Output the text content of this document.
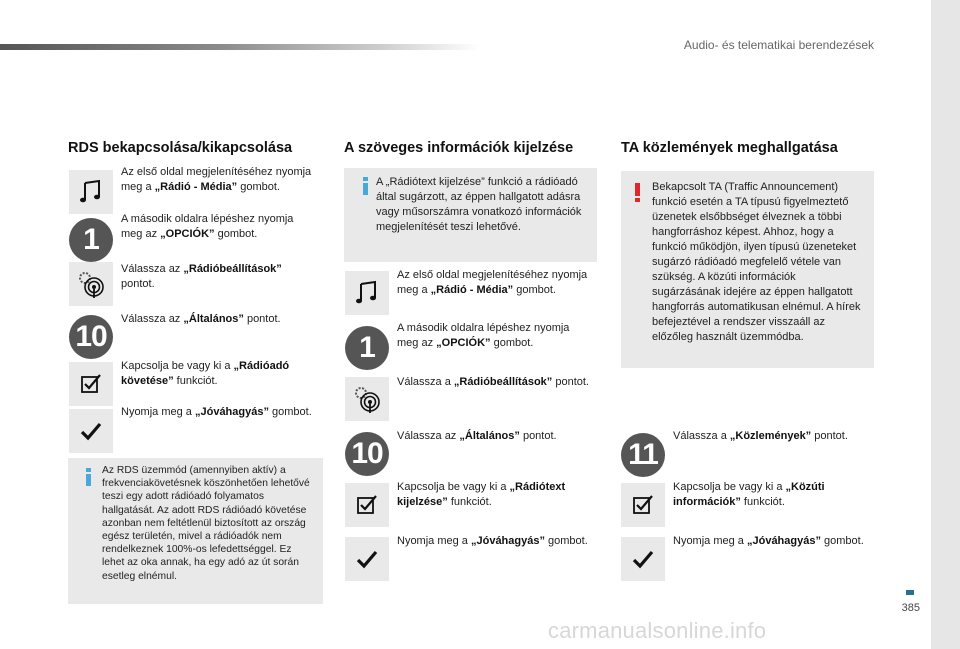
Audio- és telematikai berendezések
385
carmanualsonline.info
RDS bekapcsolása/kikapcsolása
Az első oldal megjelenítéséhez nyomja meg a „Rádió - Média” gombot.
1
A második oldalra lépéshez nyomja meg az „OPCIÓK” gombot.
Válassza az „Rádióbeállítások” pontot.
10
Válassza az „Általános” pontot.
Kapcsolja be vagy ki a „Rádióadó követése” funkciót.
Nyomja meg a „Jóváhagyás” gombot.
Az RDS üzemmód (amennyiben aktív) a frekvenciakövetésnek köszönhetően lehetővé teszi egy adott rádióadó folyamatos hallgatását. Az adott RDS rádióadó követése azonban nem feltétlenül biztosított az ország egész területén, mivel a rádióadók nem rendelkeznek 100%-os lefedettséggel. Ez lehet az oka annak, ha egy adó az út során esetleg elnémul.
A szöveges információk kijelzése
A „Rádiótext kijelzése” funkció a rádióadó által sugárzott, az éppen hallgatott adásra vagy műsorszámra vonatkozó információk megjelenítését teszi lehetővé.
Az első oldal megjelenítéséhez nyomja meg a „Rádió - Média” gombot.
1
A második oldalra lépéshez nyomja meg az „OPCIÓK” gombot.
Válassza a „Rádióbeállítások” pontot.
10
Válassza az „Általános” pontot.
Kapcsolja be vagy ki a „Rádiótext kijelzése” funkciót.
Nyomja meg a „Jóváhagyás” gombot.
TA közlemények meghallgatása
Bekapcsolt TA (Traffic Announcement) funkció esetén a TA típusú figyelmeztető üzenetek elsőbbséget élveznek a többi hangforráshoz képest. Ahhoz, hogy a funkció működjön, ilyen típusú üzeneteket sugárzó rádióadó megfelelő vétele van szükség. A közúti információk sugárzásának idejére az éppen hallgatott hangforrás automatikusan elnémul. A hírek befejeztével a rendszer visszaáll az előzőleg használt üzemmódba.
11
Válassza a „Közlemények” pontot.
Kapcsolja be vagy ki a „Közúti információk” funkciót.
Nyomja meg a „Jóváhagyás” gombot.
